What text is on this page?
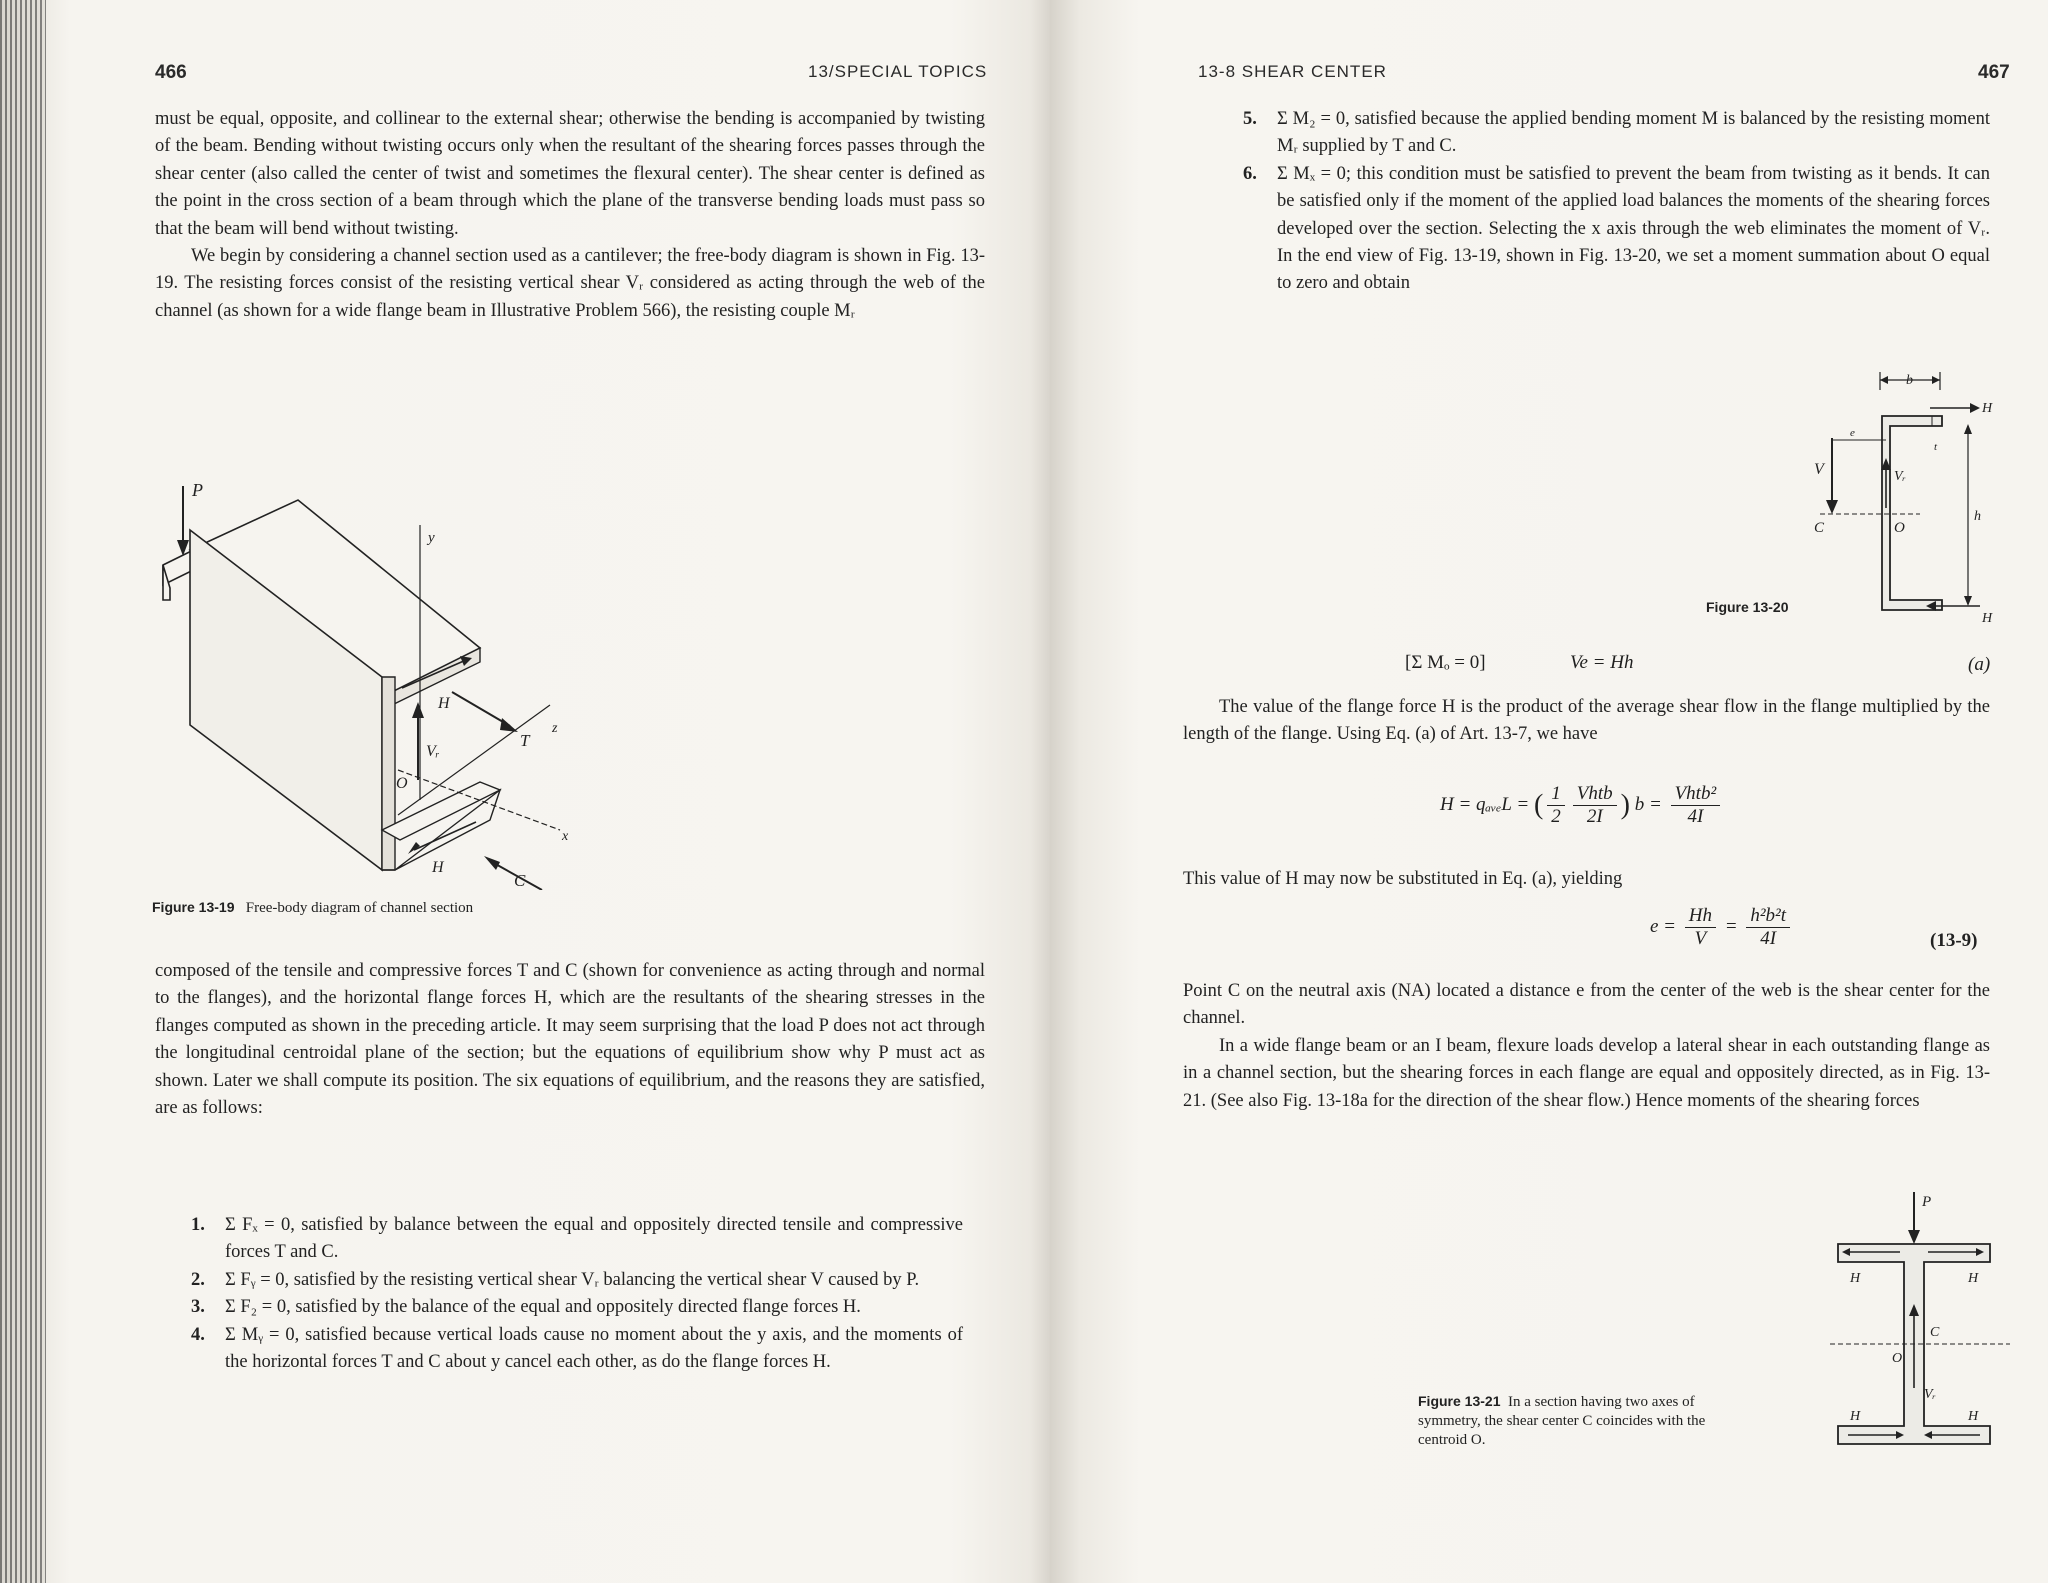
466	13/SPECIAL TOPICS

must be equal, opposite, and collinear to the external shear; otherwise the bending is accompanied by twisting of the beam. Bending without twisting occurs only when the resultant of the shearing forces passes through the shear center (also called the center of twist and sometimes the flexural center). The shear center is defined as the point in the cross section of a beam through which the plane of the transverse bending loads must pass so that the beam will bend without twisting.

We begin by considering a channel section used as a cantilever; the free-body diagram is shown in Fig. 13-19. The resisting forces consist of the resisting vertical shear Vᵣ considered as acting through the web of the channel (as shown for a wide flange beam in Illustrative Problem 566), the resisting couple Mᵣ

P
y
H
T
Vᵣ
z
O
x
H
C
Figure 13-19 Free-body diagram of channel section

composed of the tensile and compressive forces T and C (shown for convenience as acting through and normal to the flanges), and the horizontal flange forces H, which are the resultants of the shearing stresses in the flanges computed as shown in the preceding article. It may seem surprising that the load P does not act through the longitudinal centroidal plane of the section; but the equations of equilibrium show why P must act as shown. Later we shall compute its position. The six equations of equilibrium, and the reasons they are satisfied, are as follows:

1. Σ Fₓ = 0, satisfied by balance between the equal and oppositely directed tensile and compressive forces T and C.
2. Σ Fᵧ = 0, satisfied by the resisting vertical shear Vᵣ balancing the vertical shear V caused by P.
3. Σ F₂ = 0, satisfied by the balance of the equal and oppositely directed flange forces H.
4. Σ Mᵧ = 0, satisfied because vertical loads cause no moment about the y axis, and the moments of the horizontal forces T and C about y cancel each other, as do the flange forces H.
13-8 SHEAR CENTER	467
5. Σ M₂ = 0, satisfied because the applied bending moment M is balanced by the resisting moment Mᵣ supplied by T and C.
6. Σ Mₓ = 0; this condition must be satisfied to prevent the beam from twisting as it bends. It can be satisfied only if the moment of the applied load balances the moments of the shearing forces developed over the section. Selecting the x axis through the web eliminates the moment of Vᵣ. In the end view of Fig. 13-19, shown in Fig. 13-20, we set a moment summation about O equal to zero and obtain
b
H
t
V
e
Vᵣ
C	O
h
H
Figure 13-20
[Σ Mₒ = 0]	Ve = Hh	(a)

The value of the flange force H is the product of the average shear flow in the flange multiplied by the length of the flange. Using Eq. (a) of Art. 13-7, we have

H = qₐᵥₑL = ( $\frac{1}{2} \frac{\text{Vhtb}}{2I}$ ) $b = \frac{\text{Vhtb²}}{4I}$

This value of H may now be substituted in Eq. (a), yielding

$e = \frac{Hh}{V} = \frac{\text{h²b²t}}{4I}$	(13-9)

Point C on the neutral axis (NA) located a distance e from the center of the web is the shear center for the channel.

In a wide flange beam or an I beam, flexure loads develop a lateral shear in each outstanding flange as in a channel section, but the shearing forces in each flange are equal and oppositely directed, as in Fig. 13-21. (See also Fig. 13-18a for the direction of the shear flow.) Hence moments of the shearing forces

P
H	H
Vᵣ
C
O
H	H
Figure 13-21 In a section having two axes of symmetry, the shear center C coincides with the centroid O.
